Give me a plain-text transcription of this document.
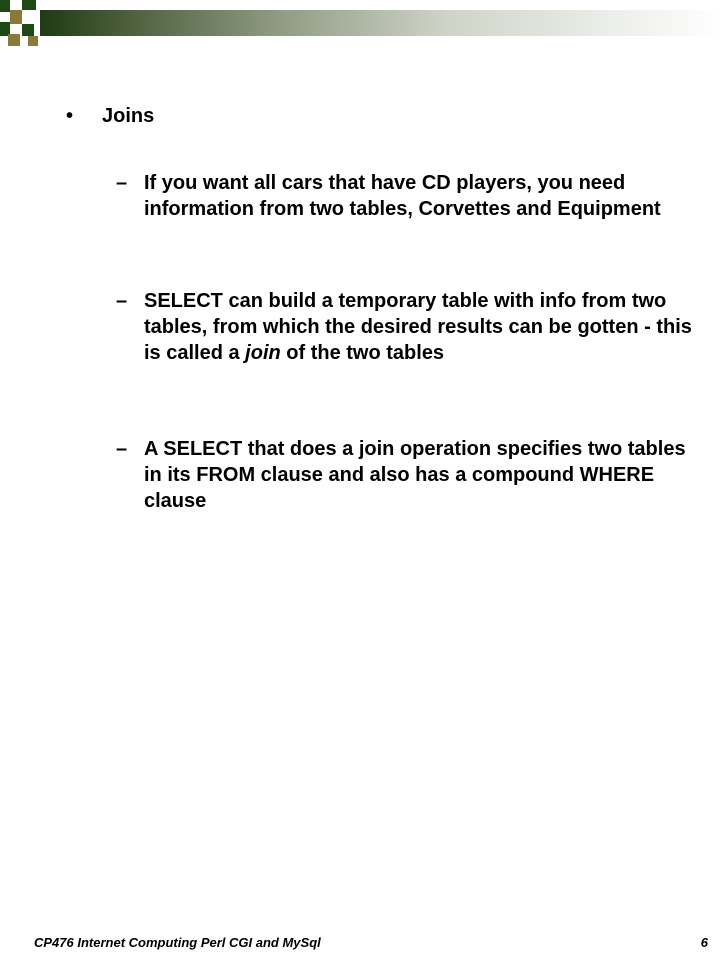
• Joins
– If you want all cars that have CD players, you need information from two tables, Corvettes and Equipment
– SELECT can build a temporary table with info from two tables, from which the desired results can be gotten - this is called a join of the two tables
– A SELECT that does a join operation specifies two tables in its FROM clause and also has a compound WHERE clause
CP476 Internet Computing Perl CGI and MySql	6
